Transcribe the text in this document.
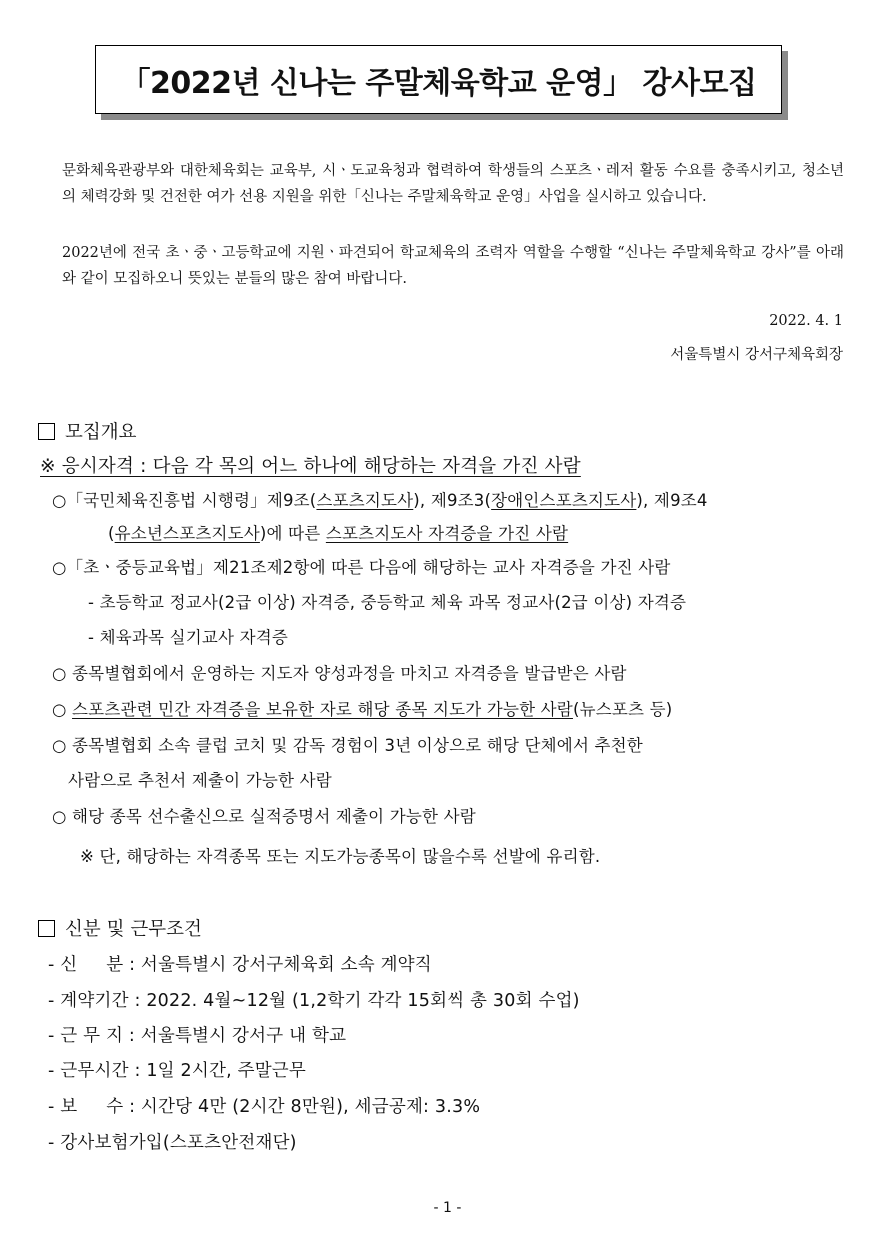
「2022년 신나는 주말체육학교 운영」 강사모집

문화체육관광부와 대한체육회는 교육부, 시ㆍ도교육청과 협력하여 학생들의 스포츠ㆍ레저 활동 수요를 충족시키고, 청소년의 체력강화 및 건전한 여가 선용 지원을 위한「신나는 주말체육학교 운영」사업을 실시하고 있습니다.

2022년에 전국 초ㆍ중ㆍ고등학교에 지원ㆍ파견되어 학교체육의 조력자 역할을 수행할 “신나는 주말체육학교 강사”를 아래와 같이 모집하오니 뜻있는 분들의 많은 참여 바랍니다.

2022. 4. 1
서울특별시 강서구체육회장
모집개요
※ 응시자격 : 다음 각 목의 어느 하나에 해당하는 자격을 가진 사람
○「국민체육진흥법 시행령」제9조(스포츠지도사), 제9조3(장애인스포츠지도사), 제9조4
(유소년스포츠지도사)에 따른 스포츠지도사 자격증을 가진 사람
○「초ㆍ중등교육법」제21조제2항에 따른 다음에 해당하는 교사 자격증을 가진 사람
- 초등학교 정교사(2급 이상) 자격증, 중등학교 체육 과목 정교사(2급 이상) 자격증
- 체육과목 실기교사 자격증
○ 종목별협회에서 운영하는 지도자 양성과정을 마치고 자격증을 발급받은 사람
○ 스포츠관련 민간 자격증을 보유한 자로 해당 종목 지도가 가능한 사람(뉴스포츠 등)
○ 종목별협회 소속 클럽 코치 및 감독 경험이 3년 이상으로 해당 단체에서 추천한
사람으로 추천서 제출이 가능한 사람
○ 해당 종목 선수출신으로 실적증명서 제출이 가능한 사람
※ 단, 해당하는 자격종목 또는 지도가능종목이 많을수록 선발에 유리함.
신분 및 근무조건
- 신     분 : 서울특별시 강서구체육회 소속 계약직
- 계약기간 : 2022. 4월~12월 (1,2학기 각각 15회씩 총 30회 수업)
- 근 무 지 : 서울특별시 강서구 내 학교
- 근무시간 : 1일 2시간, 주말근무
- 보     수 : 시간당 4만 (2시간 8만원), 세금공제: 3.3%
- 강사보험가입(스포츠안전재단)
- 1 -
